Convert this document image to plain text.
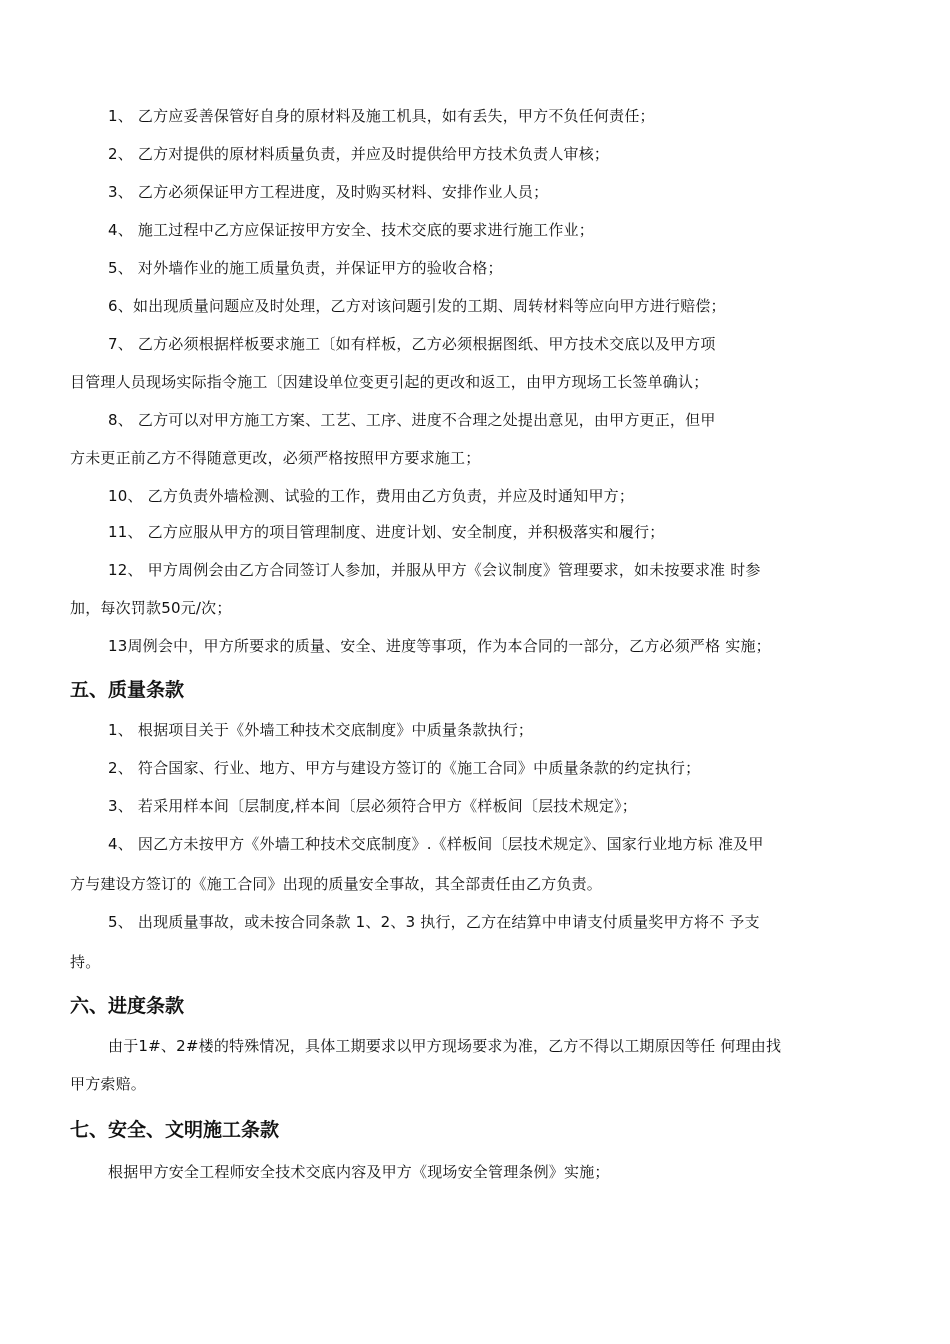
1、 乙方应妥善保管好自身的原材料及施工机具，如有丢失，甲方不负任何责任；
2、 乙方对提供的原材料质量负责，并应及时提供给甲方技术负责人审核；
3、 乙方必须保证甲方工程进度，及时购买材料、安排作业人员；
4、 施工过程中乙方应保证按甲方安全、技术交底的要求进行施工作业；
5、 对外墙作业的施工质量负责，并保证甲方的验收合格；
6、如出现质量问题应及时处理，乙方对该问题引发的工期、周转材料等应向甲方进行赔偿；
7、 乙方必须根据样板要求施工〔如有样板，乙方必须根据图纸、甲方技术交底以及甲方项
目管理人员现场实际指令施工〔因建设单位变更引起的更改和返工，由甲方现场工长签单确认；
8、 乙方可以对甲方施工方案、工艺、工序、进度不合理之处提出意见，由甲方更正，但甲
方未更正前乙方不得随意更改，必须严格按照甲方要求施工；
10、 乙方负责外墙检测、试验的工作，费用由乙方负责，并应及时通知甲方；
11、 乙方应服从甲方的项目管理制度、进度计划、安全制度，并积极落实和履行；
12、 甲方周例会由乙方合同签订人参加，并服从甲方《会议制度》管理要求，如未按要求准 时参
加，每次罚款50元/次；
13周例会中，甲方所要求的质量、安全、进度等事项，作为本合同的一部分，乙方必须严格 实施；
五、质量条款
1、 根据项目关于《外墙工种技术交底制度》中质量条款执行；
2、 符合国家、行业、地方、甲方与建设方签订的《施工合同》中质量条款的约定执行；
3、 若采用样本间〔层制度,样本间〔层必须符合甲方《样板间〔层技术规定》；
4、 因乙方未按甲方《外墙工种技术交底制度》.《样板间〔层技术规定》、国家行业地方标 准及甲
方与建设方签订的《施工合同》出现的质量安全事故，其全部责任由乙方负责。
5、 出现质量事故，或未按合同条款 1、2、3 执行，乙方在结算中申请支付质量奖甲方将不 予支
持。
六、进度条款
由于1#、2#楼的特殊情况，具体工期要求以甲方现场要求为准，乙方不得以工期原因等任 何理由找
甲方索赔。
七、安全、文明施工条款
根据甲方安全工程师安全技术交底内容及甲方《现场安全管理条例》实施；
